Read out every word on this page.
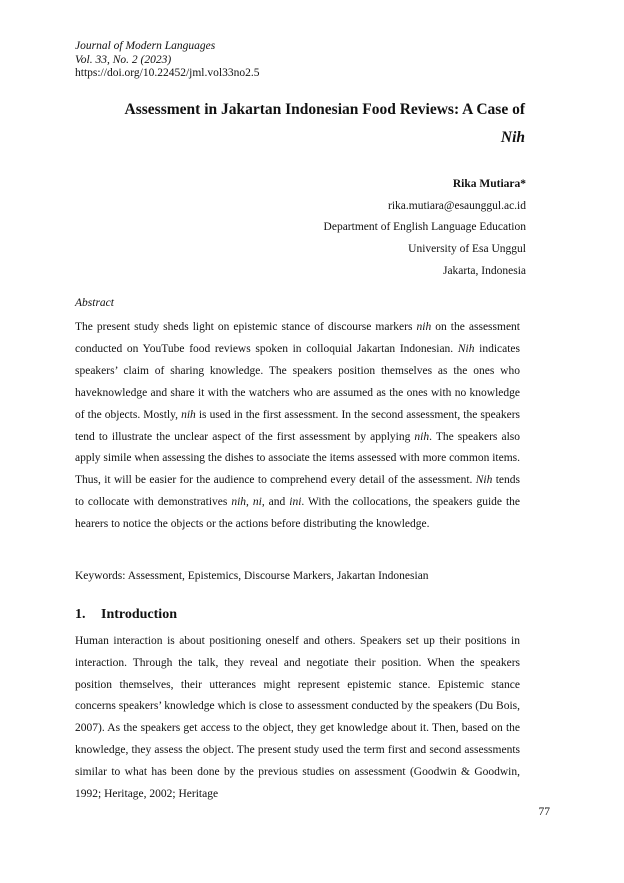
Journal of Modern Languages
Vol. 33, No. 2 (2023)
https://doi.org/10.22452/jml.vol33no2.5
Assessment in Jakartan Indonesian Food Reviews: A Case of
Nih
Rika Mutiara*
rika.mutiara@esaunggul.ac.id
Department of English Language Education
University of Esa Unggul
Jakarta, Indonesia
Abstract
The present study sheds light on epistemic stance of discourse markers nih on the assessment conducted on YouTube food reviews spoken in colloquial Jakartan Indonesian. Nih indicates speakers’ claim of sharing knowledge. The speakers position themselves as the ones who haveknowledge and share it with the watchers who are assumed as the ones with no knowledge of the objects. Mostly, nih is used in the first assessment. In the second assessment, the speakers tend to illustrate the unclear aspect of the first assessment by applying nih. The speakers also apply simile when assessing the dishes to associate the items assessed with more common items. Thus, it will be easier for the audience to comprehend every detail of the assessment. Nih tends to collocate with demonstratives nih, ni, and ini. With the collocations, the speakers guide the hearers to notice the objects or the actions before distributing the knowledge.
Keywords: Assessment, Epistemics, Discourse Markers, Jakartan Indonesian
1. Introduction
Human interaction is about positioning oneself and others. Speakers set up their positions in interaction. Through the talk, they reveal and negotiate their position. When the speakers position themselves, their utterances might represent epistemic stance. Epistemic stance concerns speakers’ knowledge which is close to assessment conducted by the speakers (Du Bois, 2007). As the speakers get access to the object, they get knowledge about it. Then, based on the knowledge, they assess the object. The present study used the term first and second assessments similar to what has been done by the previous studies on assessment (Goodwin & Goodwin, 1992; Heritage, 2002; Heritage
77
